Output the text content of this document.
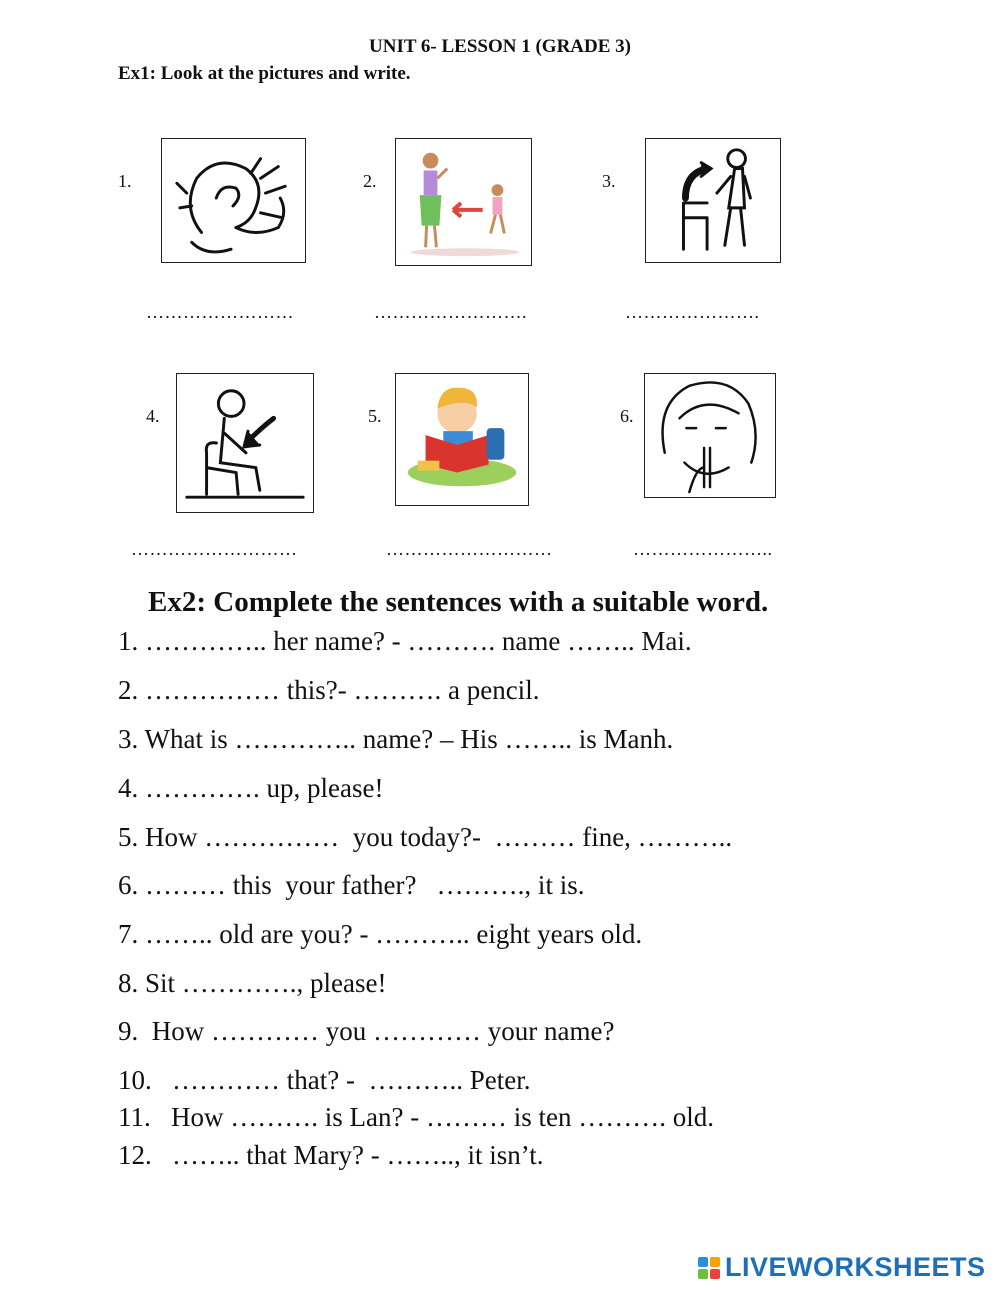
UNIT 6- LESSON 1 (GRADE 3)
Ex1: Look at the pictures and write.
1.	2.	3.
……………………	…………………….	………………….
4.	5.	6.
………………………	………………………	…………………..
Ex2: Complete the sentences with a suitable word.
1. ………….. her name? - ………. name …….. Mai.
2. …………… this?- ………. a pencil.
3. What is ………….. name? – His …….. is Manh.
4. …………. up, please!
5. How ……………  you today?-  ……… fine, ………..
6. ……… this  your father?   ………., it is.
7. …….. old are you? - ……….. eight years old.
8. Sit …………., please!
9.  How ………… you ………… your name?
10.   ………… that? -  ……….. Peter.
11.   How ………. is Lan? - ……… is ten ………. old.
12.   …….. that Mary? - …….., it isn’t.
LIVEWORKSHEETS
